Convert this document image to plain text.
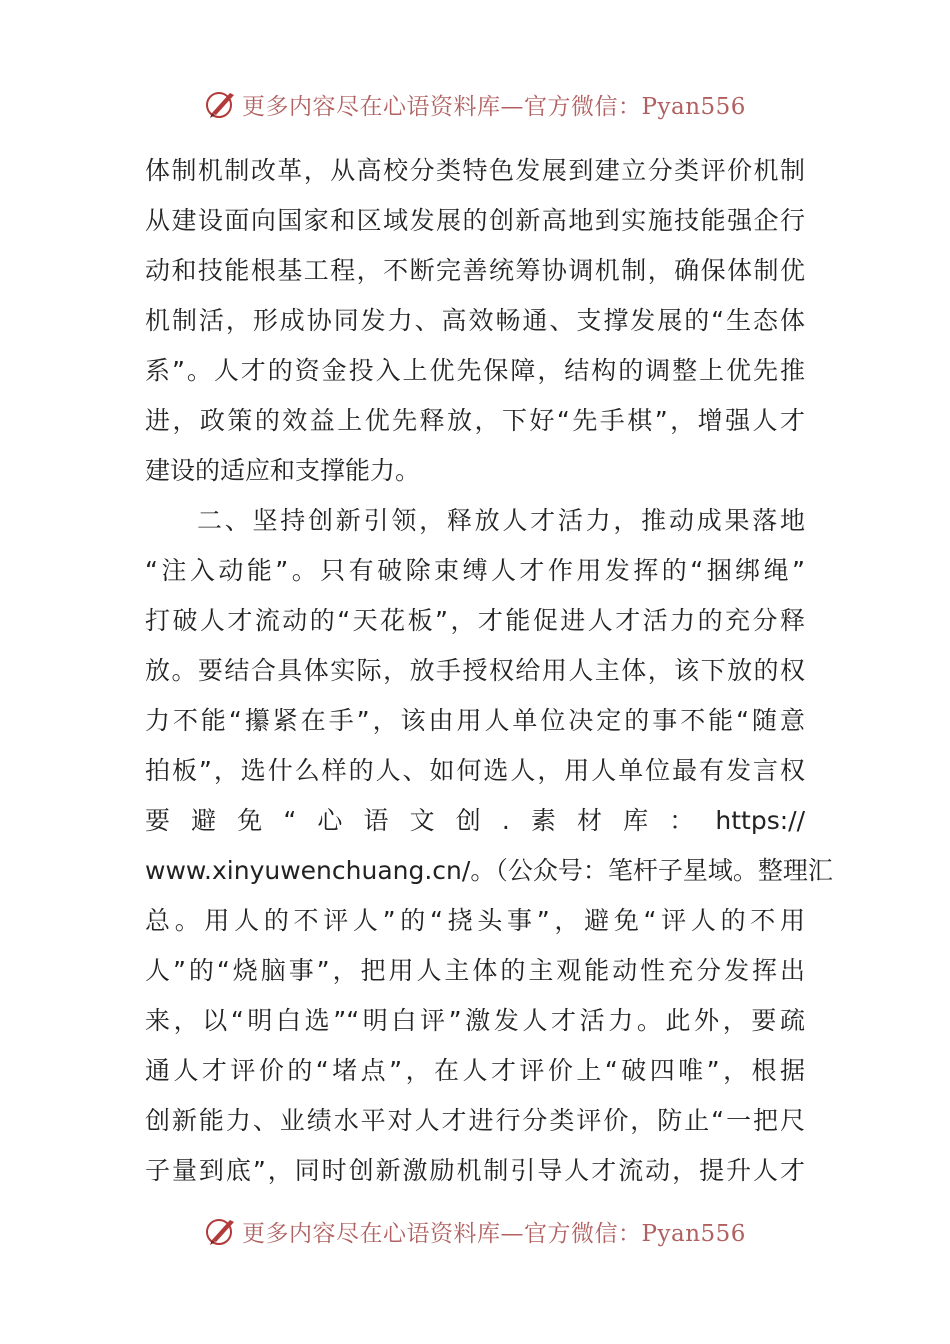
更多内容尽在心语资料库—官方微信：Pyan556
体制机制改革，从高校分类特色发展到建立分类评价机制
从建设面向国家和区域发展的创新高地到实施技能强企行
动和技能根基工程，不断完善统筹协调机制，确保体制优
机制活，形成协同发力、高效畅通、支撑发展的“生态体
系”。人才的资金投入上优先保障，结构的调整上优先推
进，政策的效益上优先释放，下好“先手棋”，增强人才
建设的适应和支撑能力。
二、坚持创新引领，释放人才活力，推动成果落地
“注入动能”。只有破除束缚人才作用发挥的“捆绑绳”
打破人才流动的“天花板”，才能促进人才活力的充分释
放。要结合具体实际，放手授权给用人主体，该下放的权
力不能“攥紧在手”，该由用人单位决定的事不能“随意
拍板”，选什么样的人、如何选人，用人单位最有发言权
要避免“心语文创.素材库：https://
www.xinyuwenchuang.cn/。（公众号：笔杆子星域。整理汇
总。用人的不评人”的“挠头事”，避免“评人的不用
人”的“烧脑事”，把用人主体的主观能动性充分发挥出
来，以“明白选”“明白评”激发人才活力。此外，要疏
通人才评价的“堵点”，在人才评价上“破四唯”，根据
创新能力、业绩水平对人才进行分类评价，防止“一把尺
子量到底”，同时创新激励机制引导人才流动，提升人才
更多内容尽在心语资料库—官方微信：Pyan556
